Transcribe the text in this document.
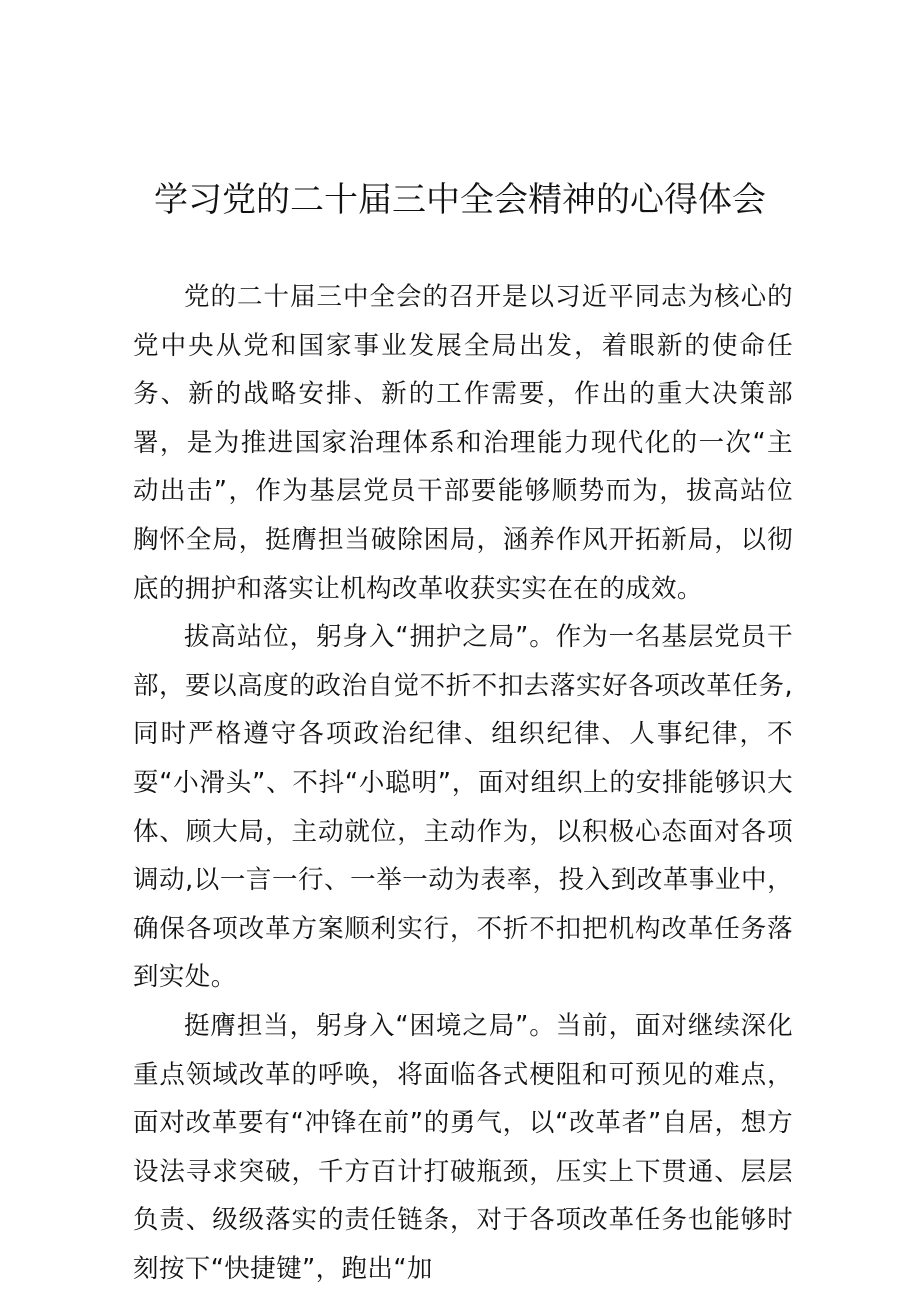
学习党的二十届三中全会精神的心得体会

党的二十届三中全会的召开是以习近平同志为核心的党中央从党和国家事业发展全局出发，着眼新的使命任务、新的战略安排、新的工作需要，作出的重大决策部署，是为推进国家治理体系和治理能力现代化的一次“主动出击”，作为基层党员干部要能够顺势而为，拔高站位胸怀全局，挺膺担当破除困局，涵养作风开拓新局，以彻底的拥护和落实让机构改革收获实实在在的成效。

拔高站位，躬身入“拥护之局”。作为一名基层党员干部，要以高度的政治自觉不折不扣去落实好各项改革任务,同时严格遵守各项政治纪律、组织纪律、人事纪律，不耍“小滑头”、不抖“小聪明”，面对组织上的安排能够识大体、顾大局，主动就位，主动作为，以积极心态面对各项调动,以一言一行、一举一动为表率，投入到改革事业中，确保各项改革方案顺利实行，不折不扣把机构改革任务落到实处。

挺膺担当，躬身入“困境之局”。当前，面对继续深化重点领域改革的呼唤，将面临各式梗阻和可预见的难点，面对改革要有“冲锋在前”的勇气，以“改革者”自居，想方设法寻求突破，千方百计打破瓶颈，压实上下贯通、层层负责、级级落实的责任链条，对于各项改革任务也能够时刻按下“快捷键”，跑出“加
